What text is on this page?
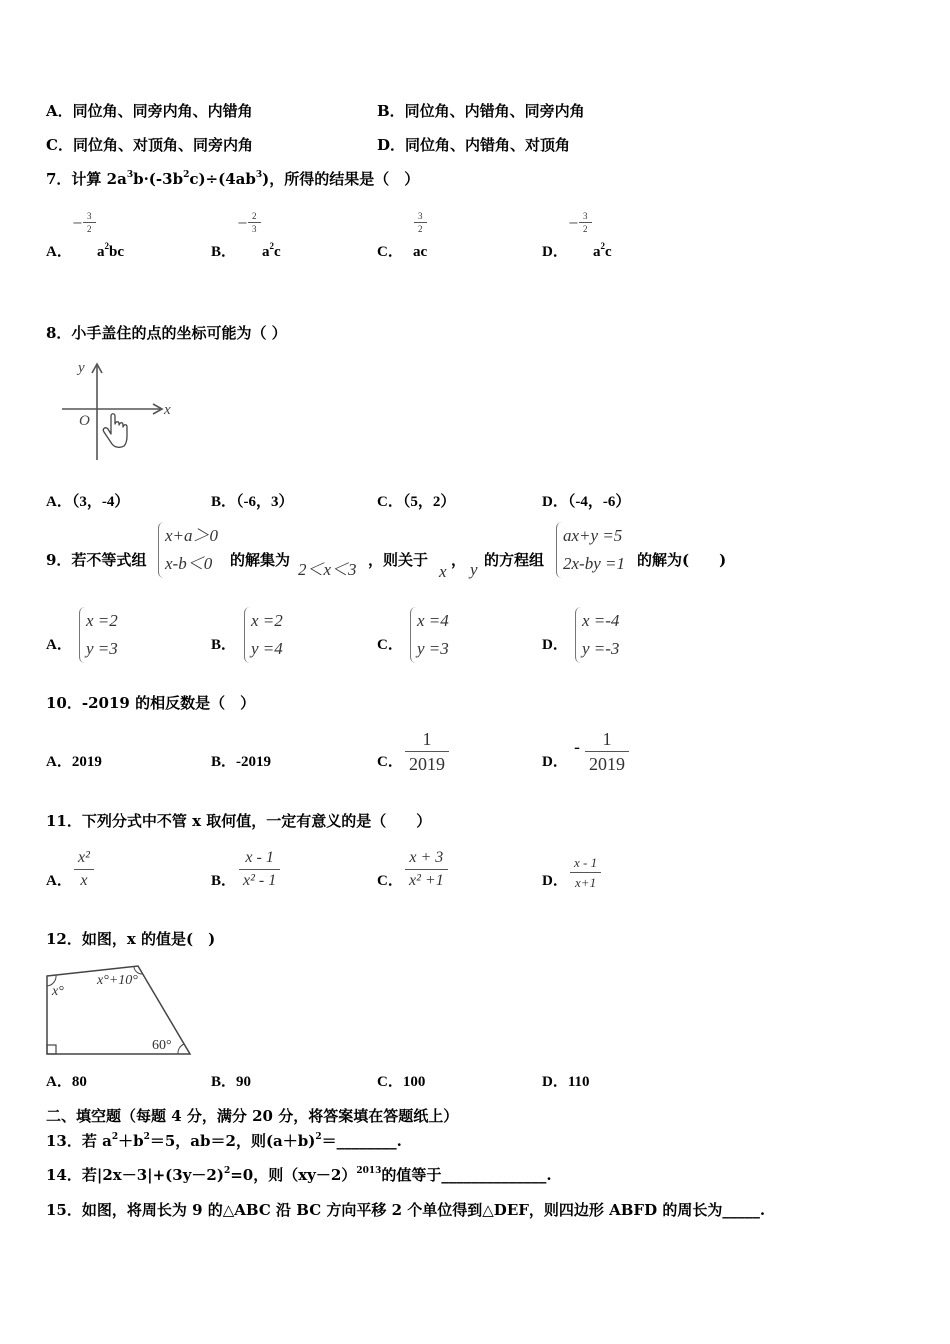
A．同位角、同旁内角、内错角	B．同位角、内错角、同旁内角
C．同位角、对顶角、同旁内角	D．同位角、内错角、对顶角
7．计算 $2a^3b\cdot(-3b^2c)\div(4ab^3)$，所得的结果是（　）
8．小手盖住的点的坐标可能为（ ）
x
y
O
9．若不等式组
x+a＞0
x-b＜0	的解集为 2＜x＜3 ，则关于
x
， y 的方程组
ax+y =5
2x-by =1 的解为(　　)
10．-2019 的相反数是（　）
A．2019	B．-2019	C． $\frac{1}{2019}$	D．
- $\frac{1}{2019}$
11．下列分式中不管 x 取何值，一定有意义的是（　　）
12．如图，x 的值是(　)
x°
x°+10°
60°
二、填空题（每题 4 分，满分 20 分，将答案填在答题纸上）
13．若 $a^2+b^2=5$，ab＝2，则$(a+b)^2=\_\_\_\_\_\_\_\_$.
14．若$|2x-3|+(3y-2)^2=0$，则$(xy-2)^{2013}$的值等于______________.
15．如图，将周长为 9 的△ABC 沿 BC 方向平移 2 个单位得到△DEF，则四边形 ABFD 的周长为_____.
A．
− $\frac{3}{2}$
$a^2bc$	B．
− $\frac{2}{3}$
$a^2c$	C．
$\frac{3}{2}$
ac	D．
− $\frac{3}{2}$
$a^2c$
A．（3，-4）	B．（-6，3）	C．（5，2）	D．（-4，-6）
A．
x =2
y =3	B．
x =2
y =4	C．
x =4
y =3	D．
x =-4
y =-3
A． $\frac{\text{x²}}{x}$	B． $\frac{x - 1}{\text{x² - 1}}$	C． $\frac{x + 3}{\text{x² +1}}$	D． $\frac{x - 1}{x+1}$
A．80	B．90	C．100	D．110
